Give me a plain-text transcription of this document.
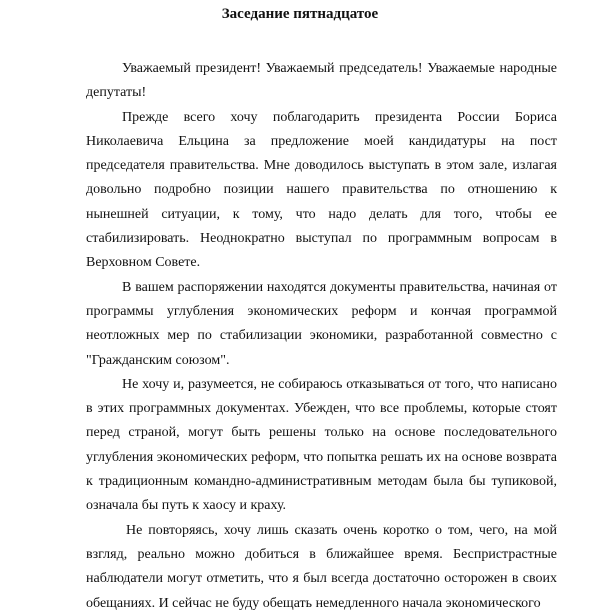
Заседание пятнадцатое

Уважаемый президент! Уважаемый председатель! Уважаемые народные депутаты!

Прежде всего хочу поблагодарить президента России Бориса Николаевича Ельцина за предложение моей кандидатуры на пост председателя правительства. Мне доводилось выступать в этом зале, излагая довольно подробно позиции нашего правительства по отношению к нынешней ситуации, к тому, что надо делать для того, чтобы ее стабилизировать. Неоднократно выступал по программным вопросам в Верховном Совете.

В вашем распоряжении находятся документы правительства, начиная от программы углубления экономических реформ и кончая программой неотложных мер по стабилизации экономики, разработанной совместно с "Гражданским союзом".

Не хочу и, разумеется, не собираюсь отказываться от того, что написано в этих программных документах. Убежден, что все проблемы, которые стоят перед страной, могут быть решены только на основе последовательного углубления экономических реформ, что попытка решать их на основе возврата к традиционным командно-административным методам была бы тупиковой, означала бы путь к хаосу и краху.

Не повторяясь, хочу лишь сказать очень коротко о том, чего, на мой взгляд, реально можно добиться в ближайшее время. Беспристрастные наблюдатели могут отметить, что я был всегда достаточно осторожен в своих обещаниях. И сейчас не буду обещать немедленного начала экономического
